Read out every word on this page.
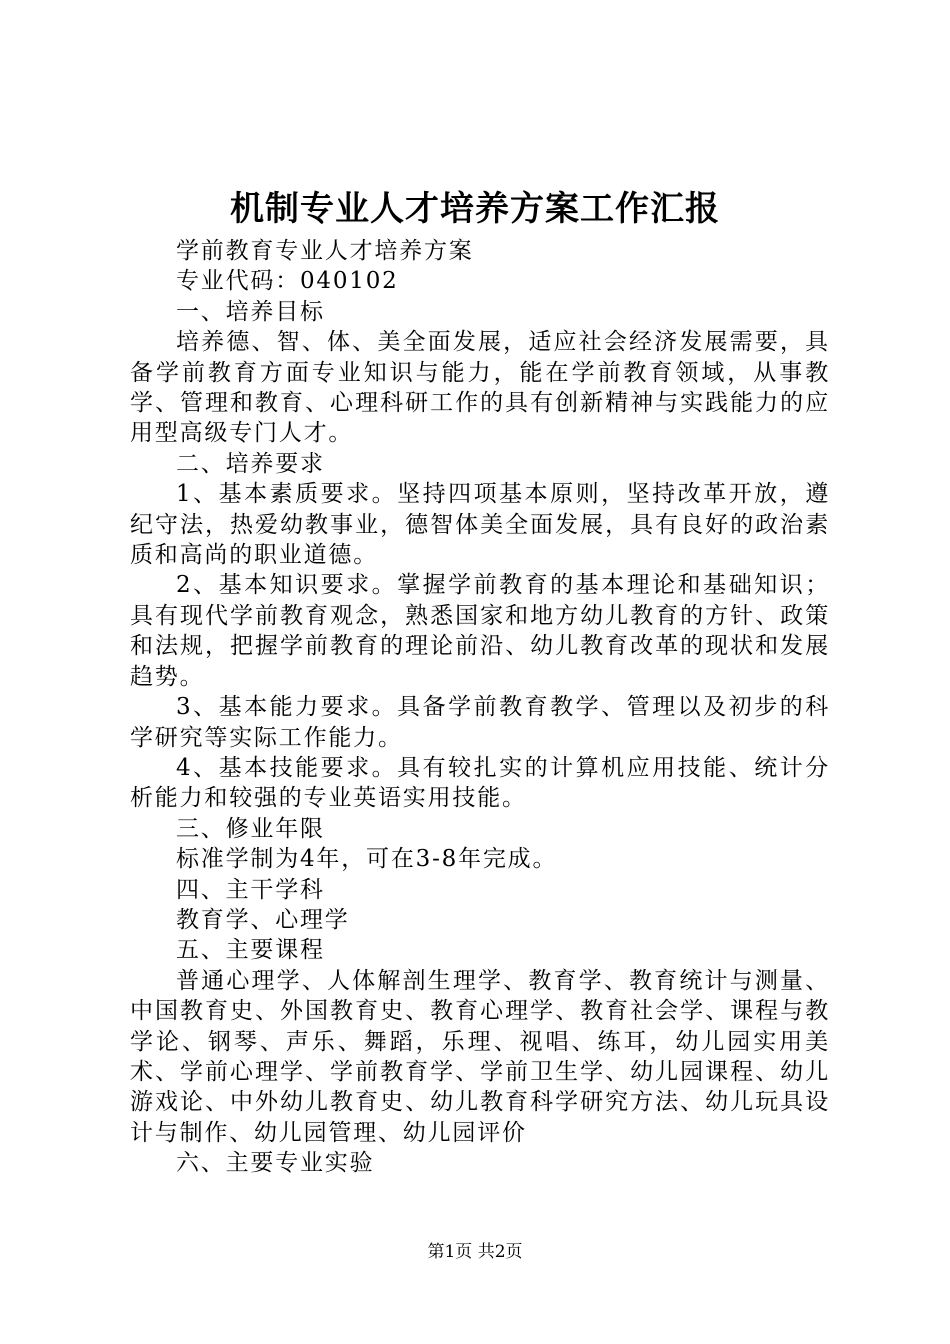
机制专业人才培养方案工作汇报

学前教育专业人才培养方案

专业代码：040102

一、培养目标

培养德、智、体、美全面发展，适应社会经济发展需要，具备学前教育方面专业知识与能力，能在学前教育领域，从事教学、管理和教育、心理科研工作的具有创新精神与实践能力的应用型高级专门人才。

二、培养要求

1、基本素质要求。坚持四项基本原则，坚持改革开放，遵纪守法，热爱幼教事业，德智体美全面发展，具有良好的政治素质和高尚的职业道德。

2、基本知识要求。掌握学前教育的基本理论和基础知识；具有现代学前教育观念，熟悉国家和地方幼儿教育的方针、政策和法规，把握学前教育的理论前沿、幼儿教育改革的现状和发展趋势。

3、基本能力要求。具备学前教育教学、管理以及初步的科学研究等实际工作能力。

4、基本技能要求。具有较扎实的计算机应用技能、统计分析能力和较强的专业英语实用技能。

三、修业年限

标准学制为4年，可在3-8年完成。

四、主干学科

教育学、心理学

五、主要课程

普通心理学、人体解剖生理学、教育学、教育统计与测量、中国教育史、外国教育史、教育心理学、教育社会学、课程与教学论、钢琴、声乐、舞蹈，乐理、视唱、练耳，幼儿园实用美术、学前心理学、学前教育学、学前卫生学、幼儿园课程、幼儿游戏论、中外幼儿教育史、幼儿教育科学研究方法、幼儿玩具设计与制作、幼儿园管理、幼儿园评价

六、主要专业实验

第1页 共2页
